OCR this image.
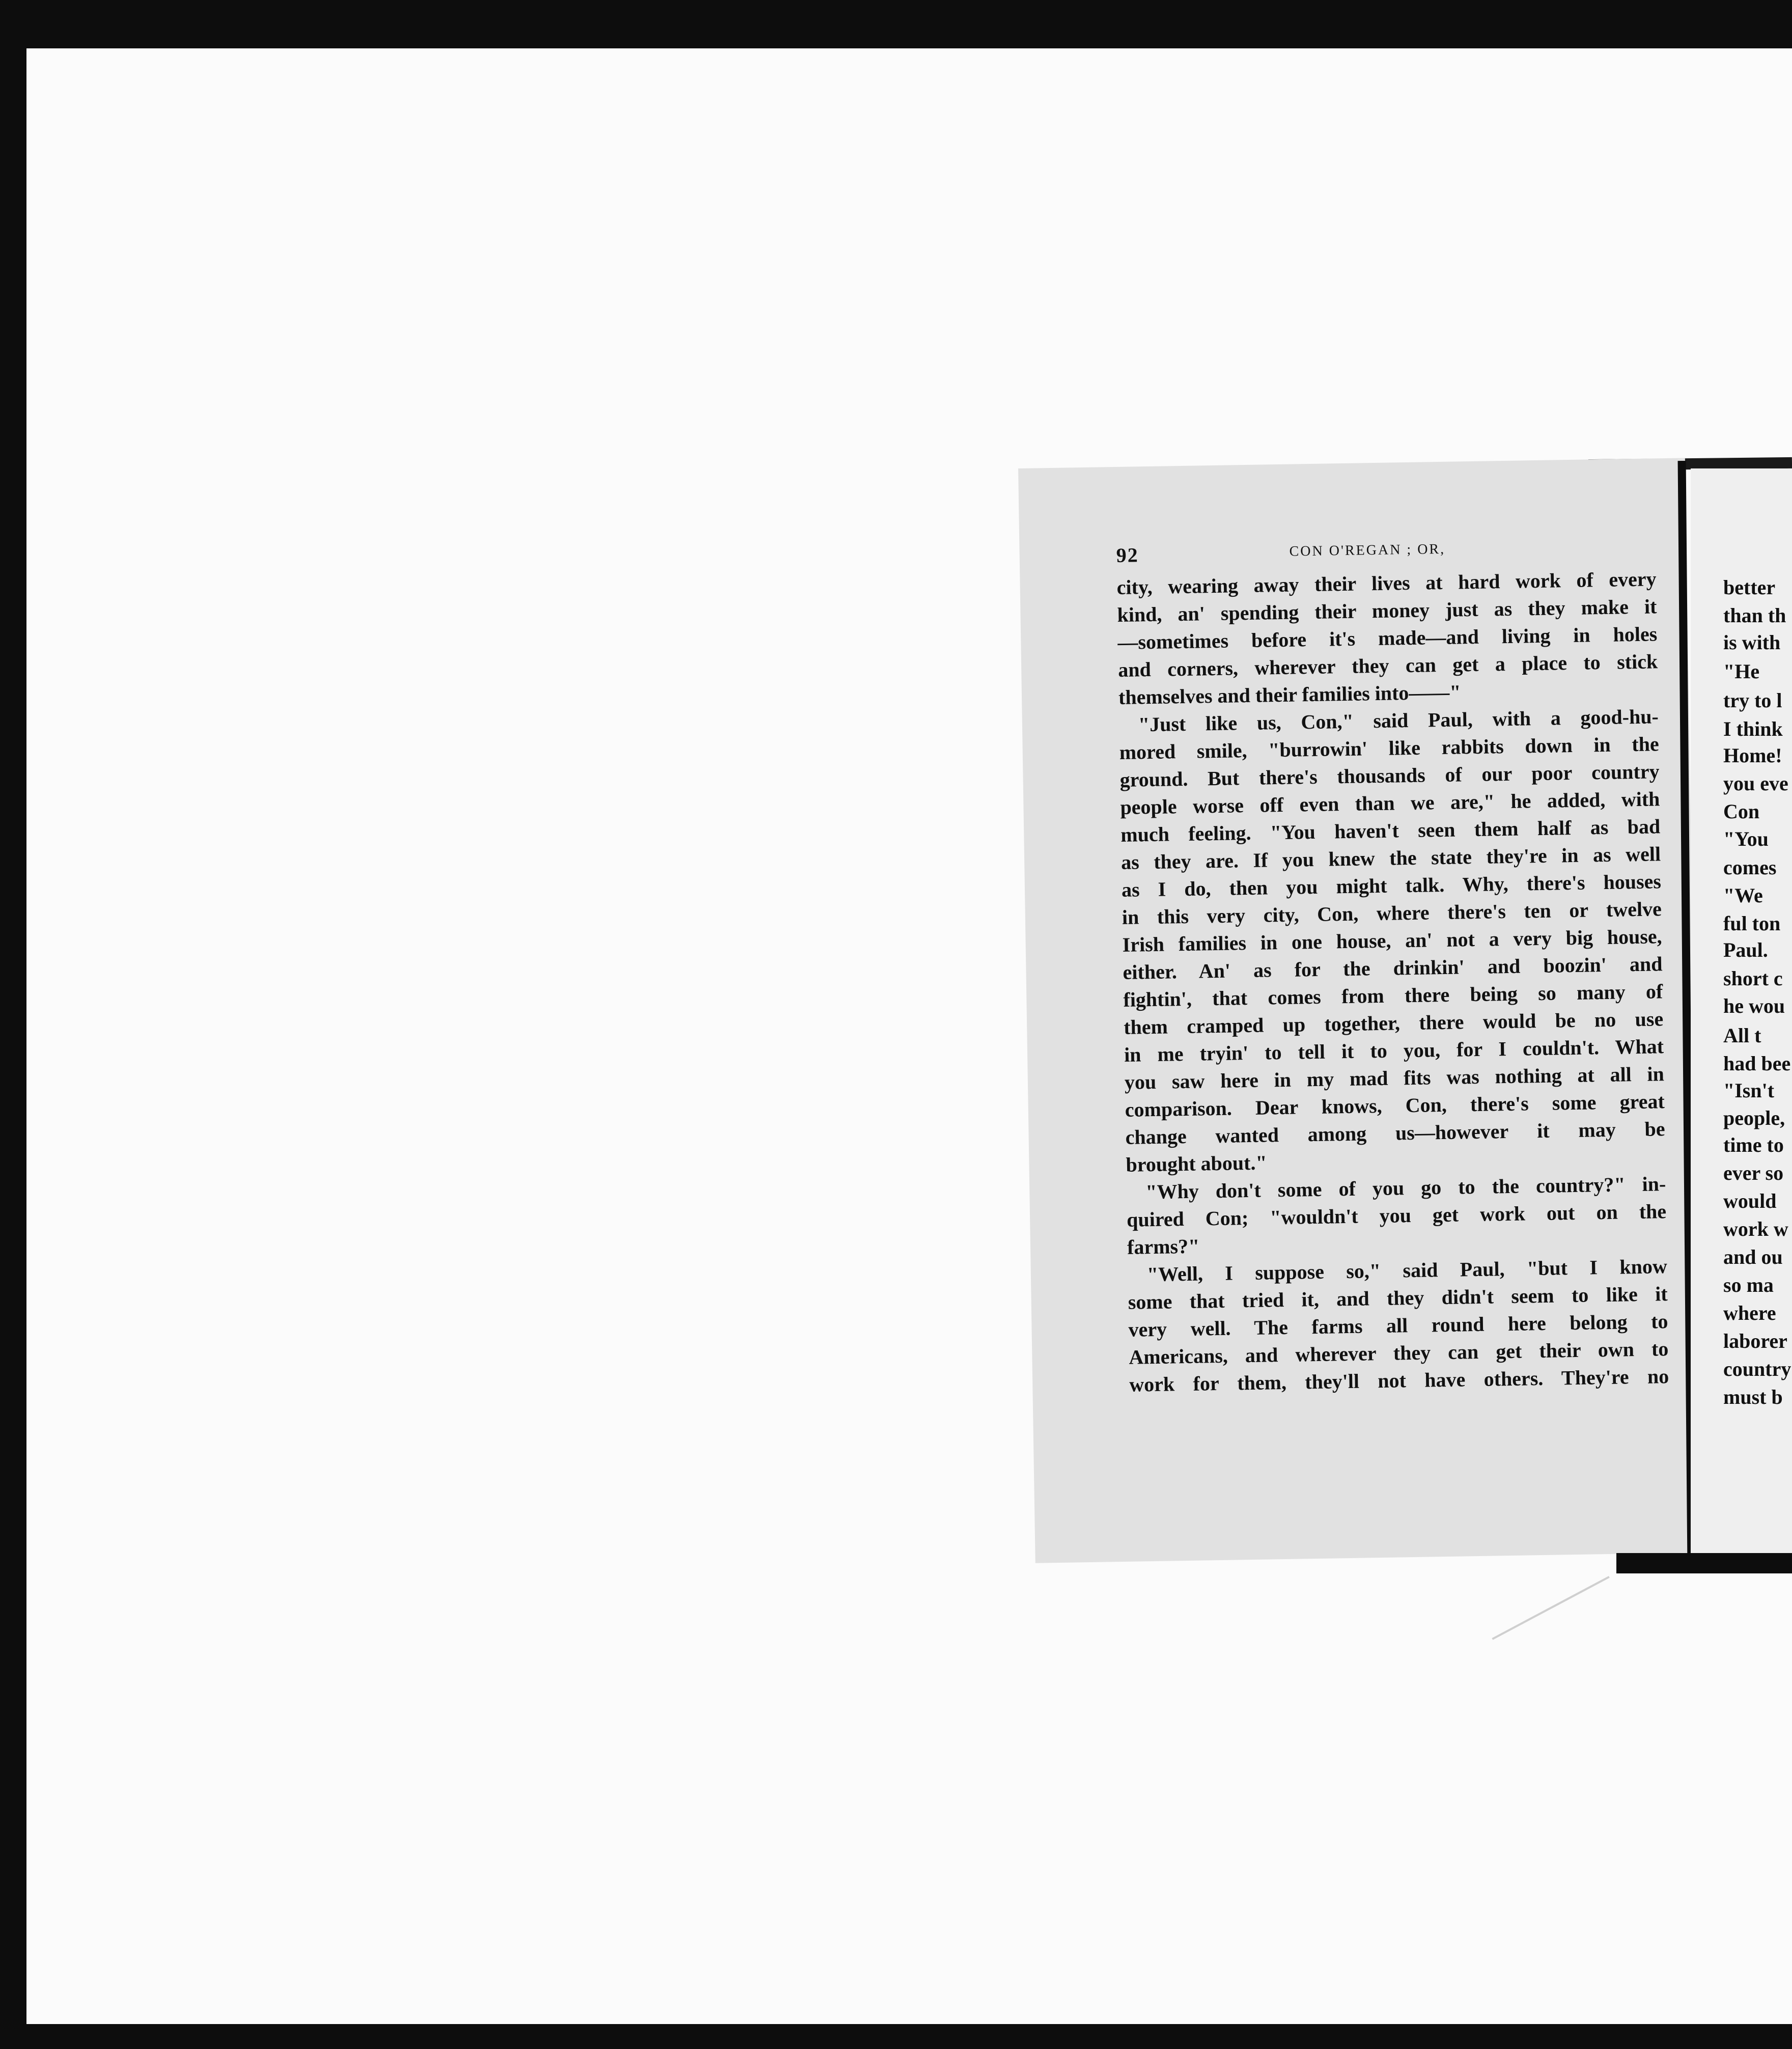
92	CON O'REGAN ; OR,
city, wearing away their lives at hard work of every
kind, an' spending their money just as they make it
—sometimes before it's made—and living in holes
and corners, wherever they can get a place to stick
themselves and their families into——"
"Just like us, Con," said Paul, with a good-hu-
mored smile, "burrowin' like rabbits down in the
ground. But there's thousands of our poor country
people worse off even than we are," he added, with
much feeling. "You haven't seen them half as bad
as they are. If you knew the state they're in as well
as I do, then you might talk. Why, there's houses
in this very city, Con, where there's ten or twelve
Irish families in one house, an' not a very big house,
either. An' as for the drinkin' and boozin' and
fightin', that comes from there being so many of
them cramped up together, there would be no use
in me tryin' to tell it to you, for I couldn't. What
you saw here in my mad fits was nothing at all in
comparison. Dear knows, Con, there's some great
change wanted among us—however it may be
brought about."
"Why don't some of you go to the country?" in-
quired Con; "wouldn't you get work out on the
farms?"
"Well, I suppose so," said Paul, "but I know
some that tried it, and they didn't seem to like it
very well. The farms all round here belong to
Americans, and wherever they can get their own to
work for them, they'll not have others. They're no
better
than th
is with
"He
try to l
I think
Home!
you eve
Con
"You
comes
"We
ful ton
Paul.
short c
he wou
All t
had bee
"Isn't
people,
time to
ever so
would
work w
and ou
so ma
where
laborer
country
must b
